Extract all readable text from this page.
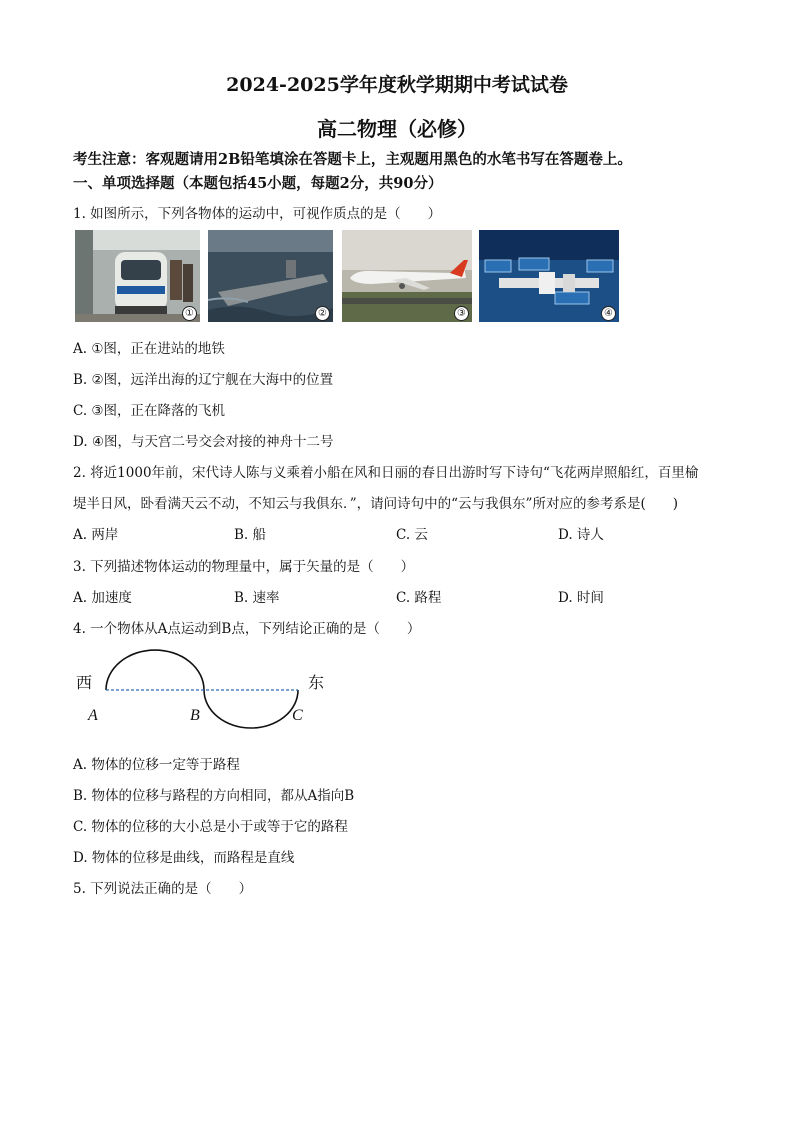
2024-2025学年度秋学期期中考试试卷
高二物理（必修）
考生注意：客观题请用2B铅笔填涂在答题卡上，主观题用黑色的水笔书写在答题卷上。
一、单项选择题（本题包括45小题，每题2分，共90分）
1. 如图所示，下列各物体的运动中，可视作质点的是（　　）
①	②	③	④
A. ①图，正在进站的地铁
B. ②图，远洋出海的辽宁舰在大海中的位置
C. ③图，正在降落的飞机
D. ④图，与天宫二号交会对接的神舟十二号
2. 将近1000年前，宋代诗人陈与义乘着小船在风和日丽的春日出游时写下诗句“飞花两岸照船红，百里榆
堤半日风，卧看满天云不动，不知云与我俱东．”，请问诗句中的“云与我俱东”所对应的参考系是(　　)
A. 两岸	B. 船	C. 云	D. 诗人
3. 下列描述物体运动的物理量中，属于矢量的是（　　）
A. 加速度	B. 速率	C. 路程	D. 时间
4. 一个物体从A点运动到B点，下列结论正确的是（　　）
西	东
A	B	C
A. 物体的位移一定等于路程
B. 物体的位移与路程的方向相同，都从A指向B
C. 物体的位移的大小总是小于或等于它的路程
D. 物体的位移是曲线，而路程是直线
5. 下列说法正确的是（　　）
